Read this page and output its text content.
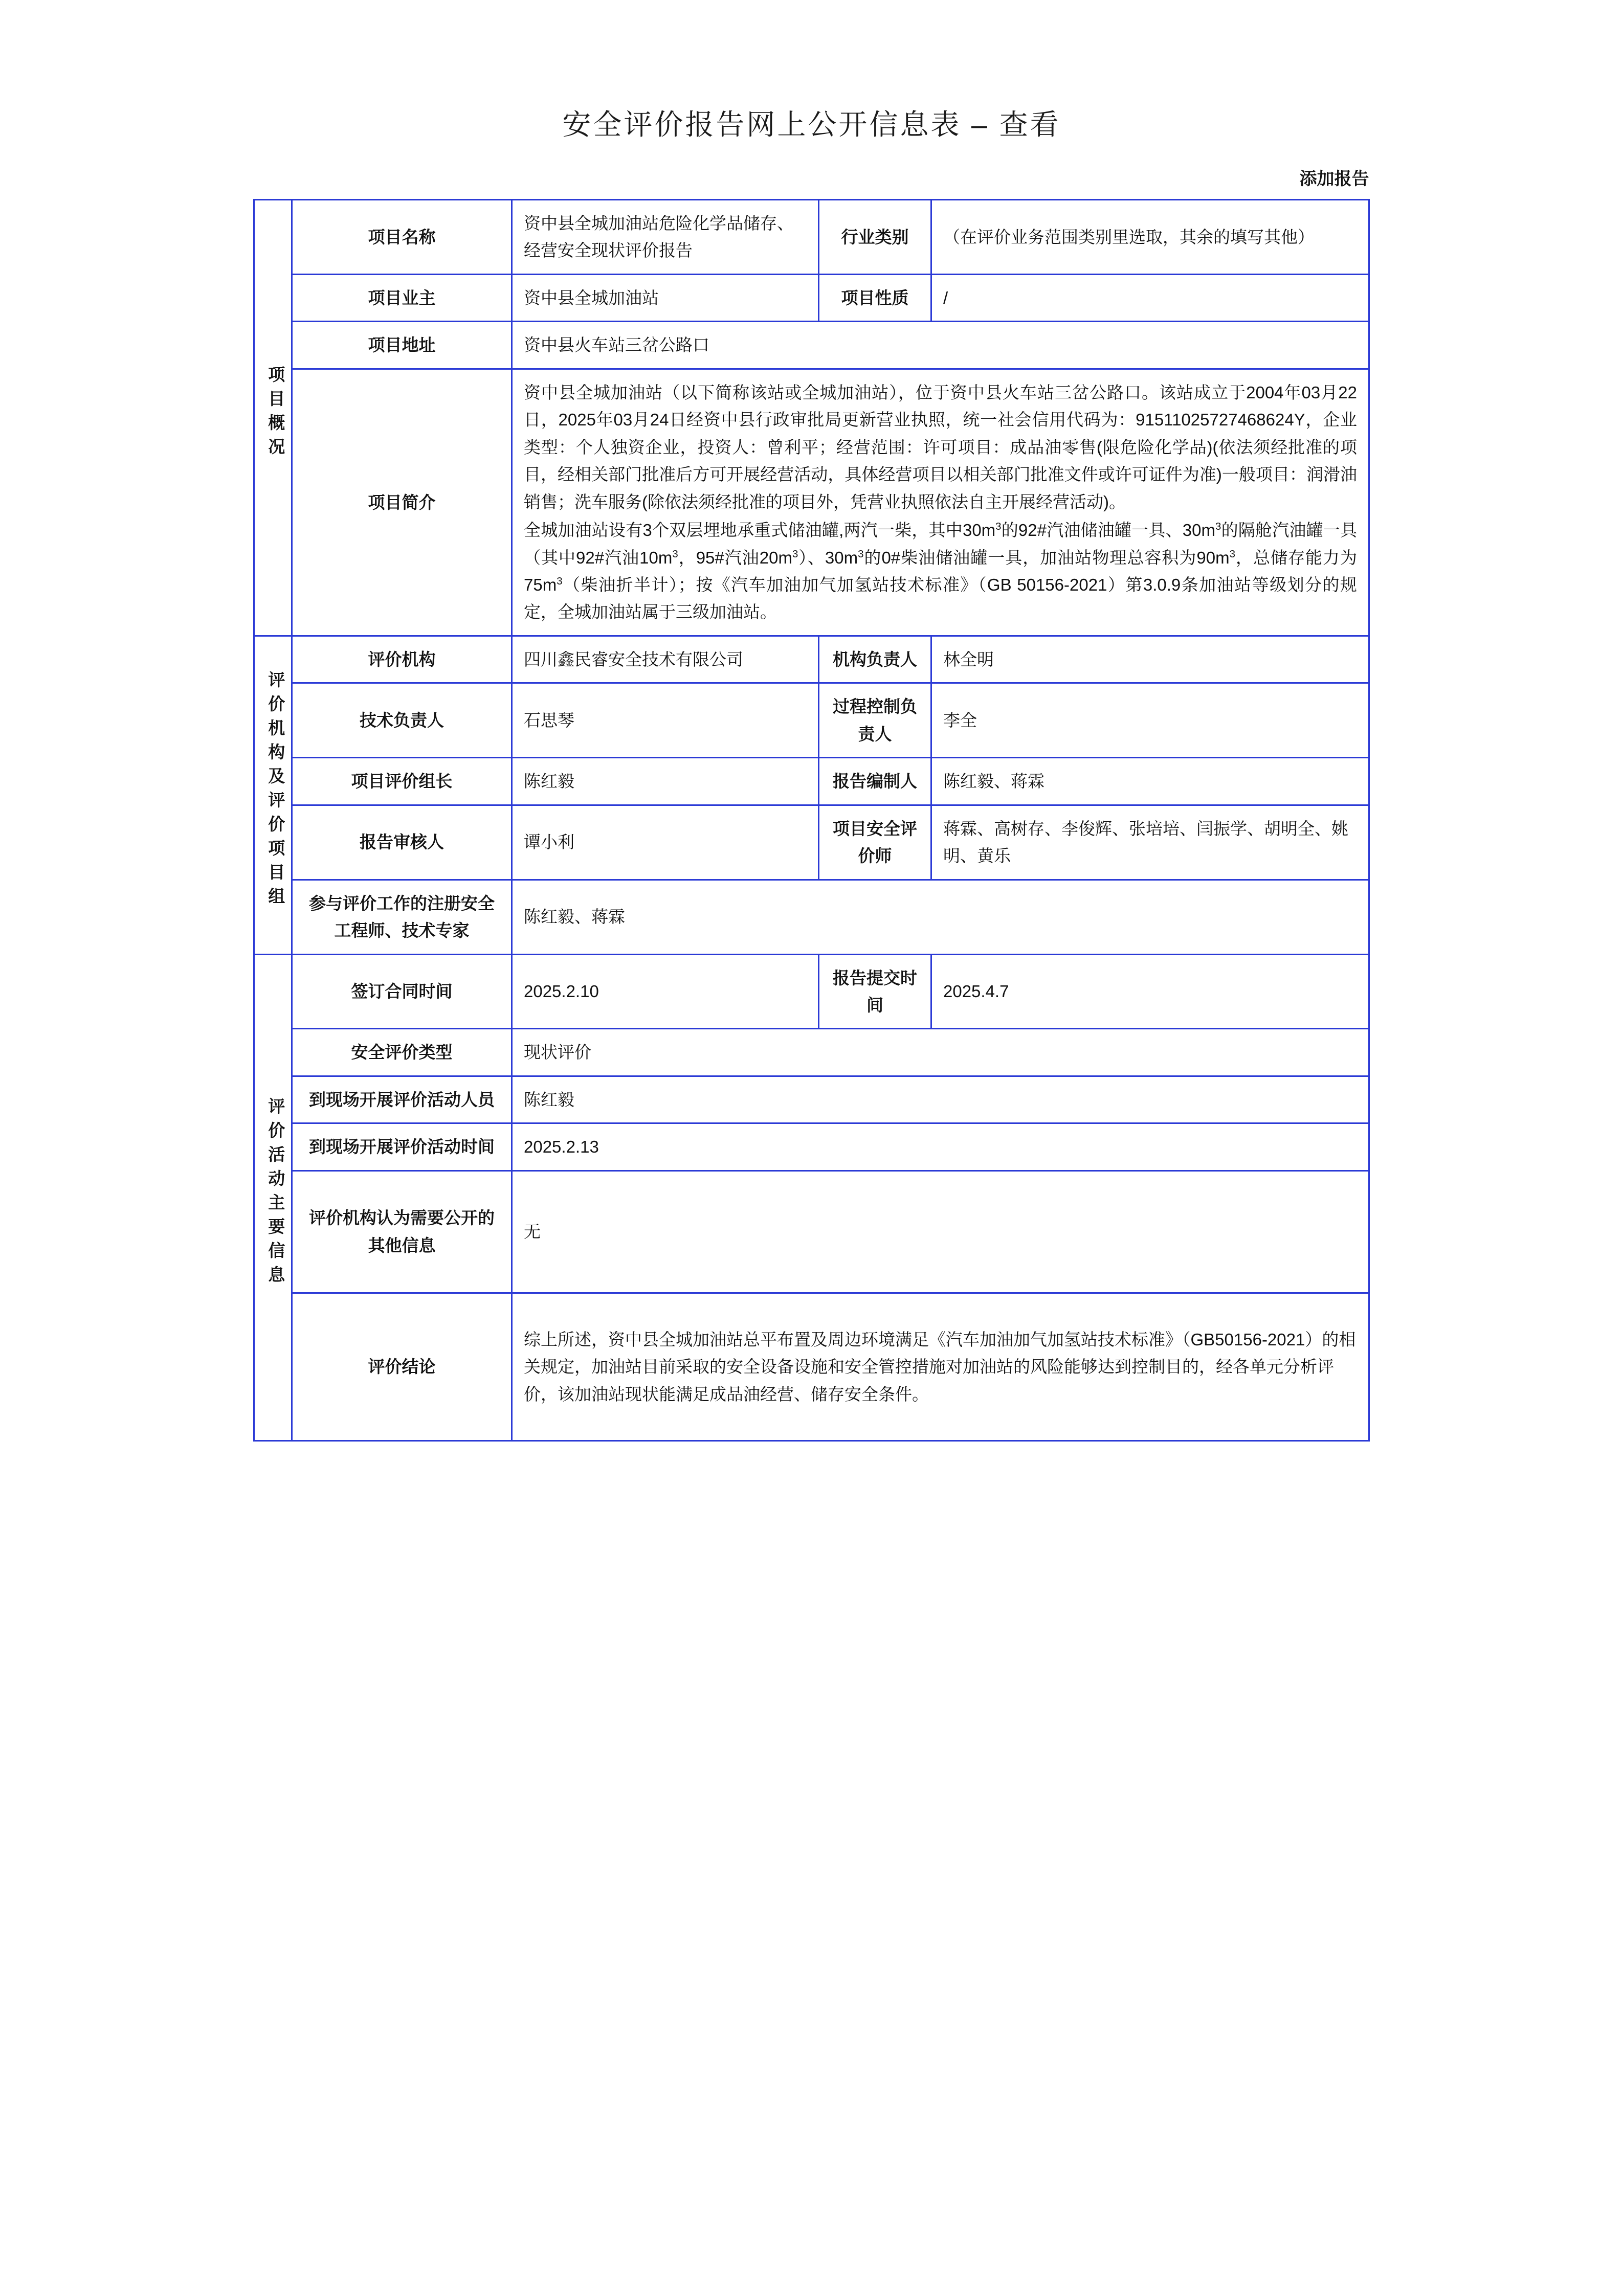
安全评价报告网上公开信息表 – 查看
添加报告
项目概况	项目名称	资中县全城加油站危险化学品储存、经营安全现状评价报告	行业类别	（在评价业务范围类别里选取，其余的填写其他）
	项目业主	资中县全城加油站	项目性质	/
	项目地址	资中县火车站三岔公路口		
	项目简介	资中县全城加油站（以下简称该站或全城加油站），位于资中县火车站三岔公路口。该站成立于2004年03月22日，2025年03月24日经资中县行政审批局更新营业执照，统一社会信用代码为：91511025727468624Y，企业类型：个人独资企业，投资人：曾利平；经营范围：许可项目：成品油零售(限危险化学品)(依法须经批准的项目，经相关部门批准后方可开展经营活动，具体经营项目以相关部门批准文件或许可证件为准)一般项目：润滑油销售；洗车服务(除依法须经批准的项目外，凭营业执照依法自主开展经营活动)。

全城加油站设有3个双层埋地承重式储油罐,两汽一柴，其中$30m^3$的92#汽油储油罐一具、$30m^3$的隔舱汽油罐一具（其中92#汽油$10m^3$，95#汽油$20m^3$）、$30m^3$的0#柴油储油罐一具，加油站物理总容积为$90m^3$，总储存能力为$75m^3$（柴油折半计）；按《汽车加油加气加氢站技术标准》（GB 50156-2021）第3.0.9条加油站等级划分的规定，全城加油站属于三级加油站。		

评价机构及评价项目组	评价机构	四川鑫民睿安全技术有限公司	机构负责人	林全明
	技术负责人	石思琴	过程控制负责人	李全
	项目评价组长	陈红毅	报告编制人	陈红毅、蒋霖
	报告审核人	谭小利	项目安全评价师	蒋霖、高树存、李俊辉、张培培、闫振学、胡明全、姚明、黄乐
	参与评价工作的注册安全工程师、技术专家	陈红毅、蒋霖		
评价活动主要信息	签订合同时间	2025.2.10	报告提交时间	2025.4.7
	安全评价类型	现状评价		
	到现场开展评价活动人员	陈红毅		
	到现场开展评价活动时间	2025.2.13		
	评价机构认为需要公开的其他信息	无		
	评价结论	综上所述，资中县全城加油站总平布置及周边环境满足《汽车加油加气加氢站技术标准》（GB50156-2021）的相关规定，加油站目前采取的安全设备设施和安全管控措施对加油站的风险能够达到控制目的，经各单元分析评价，该加油站现状能满足成品油经营、储存安全条件。		
